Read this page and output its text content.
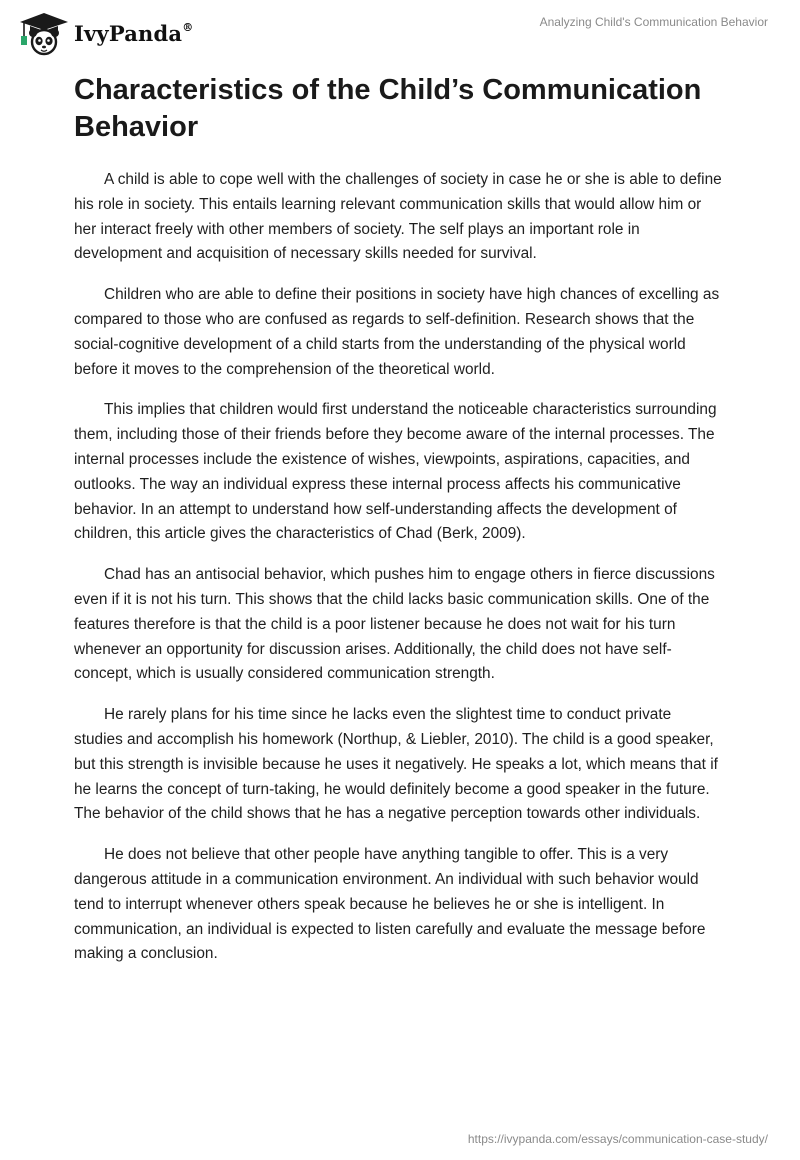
IvyPanda®	Analyzing Child's Communication Behavior
Characteristics of the Child’s Communication Behavior

A child is able to cope well with the challenges of society in case he or she is able to define his role in society. This entails learning relevant communication skills that would allow him or her interact freely with other members of society. The self plays an important role in development and acquisition of necessary skills needed for survival.

Children who are able to define their positions in society have high chances of excelling as compared to those who are confused as regards to self-definition. Research shows that the social-cognitive development of a child starts from the understanding of the physical world before it moves to the comprehension of the theoretical world.

This implies that children would first understand the noticeable characteristics surrounding them, including those of their friends before they become aware of the internal processes. The internal processes include the existence of wishes, viewpoints, aspirations, capacities, and outlooks. The way an individual express these internal process affects his communicative behavior. In an attempt to understand how self-understanding affects the development of children, this article gives the characteristics of Chad (Berk, 2009).

Chad has an antisocial behavior, which pushes him to engage others in fierce discussions even if it is not his turn. This shows that the child lacks basic communication skills. One of the features therefore is that the child is a poor listener because he does not wait for his turn whenever an opportunity for discussion arises. Additionally, the child does not have self-concept, which is usually considered communication strength.

He rarely plans for his time since he lacks even the slightest time to conduct private studies and accomplish his homework (Northup, & Liebler, 2010). The child is a good speaker, but this strength is invisible because he uses it negatively. He speaks a lot, which means that if he learns the concept of turn-taking, he would definitely become a good speaker in the future. The behavior of the child shows that he has a negative perception towards other individuals.

He does not believe that other people have anything tangible to offer. This is a very dangerous attitude in a communication environment. An individual with such behavior would tend to interrupt whenever others speak because he believes he or she is intelligent. In communication, an individual is expected to listen carefully and evaluate the message before making a conclusion.

https://ivypanda.com/essays/communication-case-study/
